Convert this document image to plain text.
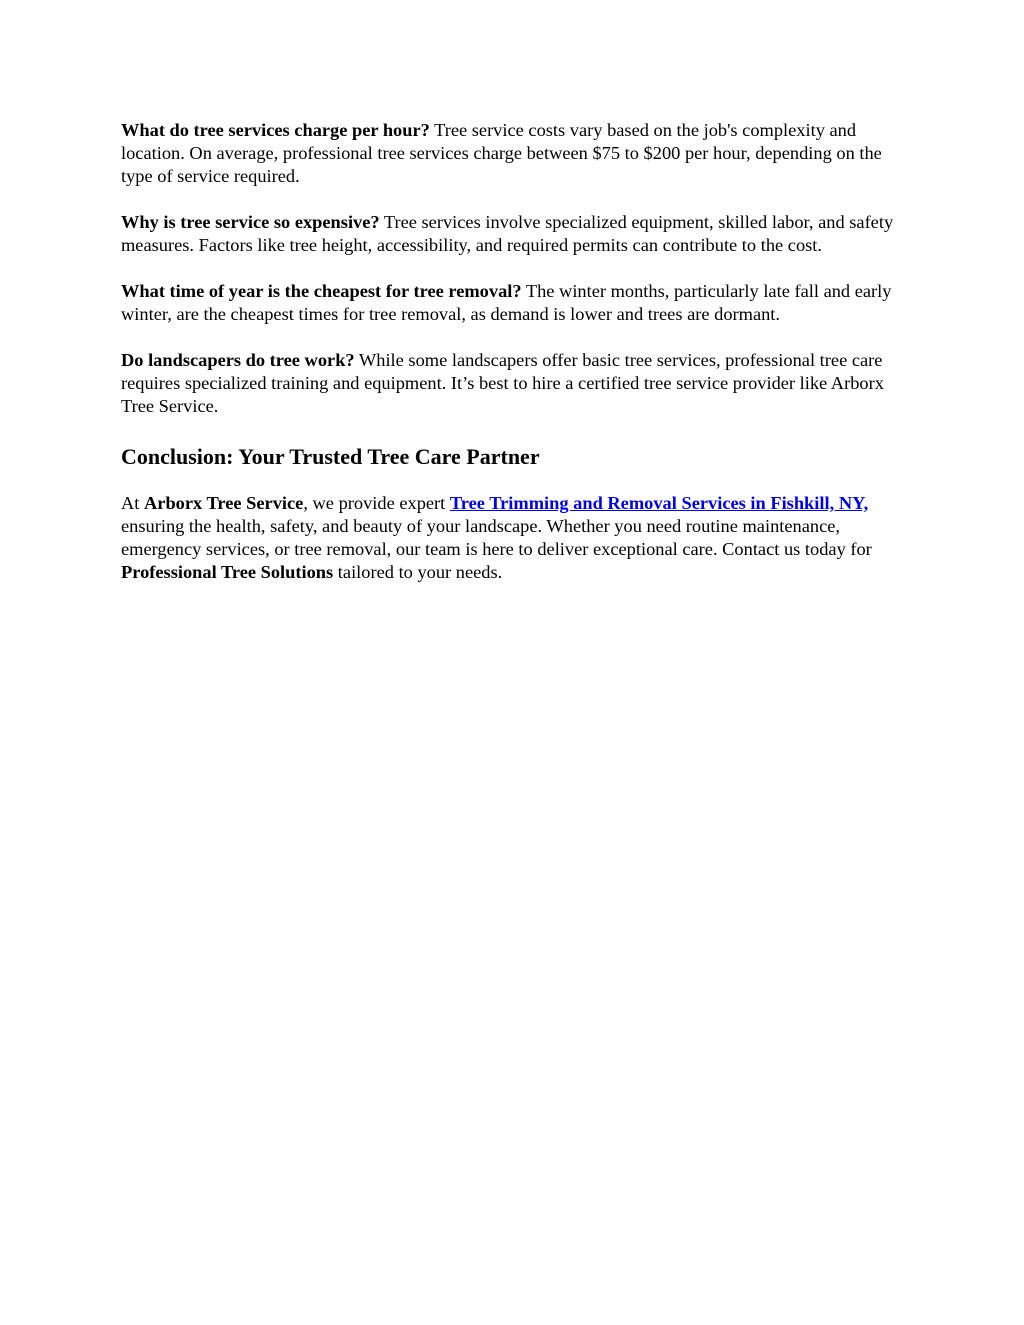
What do tree services charge per hour? Tree service costs vary based on the job's complexity and location. On average, professional tree services charge between $75 to $200 per hour, depending on the type of service required.

Why is tree service so expensive? Tree services involve specialized equipment, skilled labor, and safety measures. Factors like tree height, accessibility, and required permits can contribute to the cost.

What time of year is the cheapest for tree removal? The winter months, particularly late fall and early winter, are the cheapest times for tree removal, as demand is lower and trees are dormant.

Do landscapers do tree work? While some landscapers offer basic tree services, professional tree care requires specialized training and equipment. It’s best to hire a certified tree service provider like Arborx Tree Service.

Conclusion: Your Trusted Tree Care Partner

At Arborx Tree Service, we provide expert Tree Trimming and Removal Services in Fishkill, NY, ensuring the health, safety, and beauty of your landscape. Whether you need routine maintenance, emergency services, or tree removal, our team is here to deliver exceptional care. Contact us today for Professional Tree Solutions tailored to your needs.
